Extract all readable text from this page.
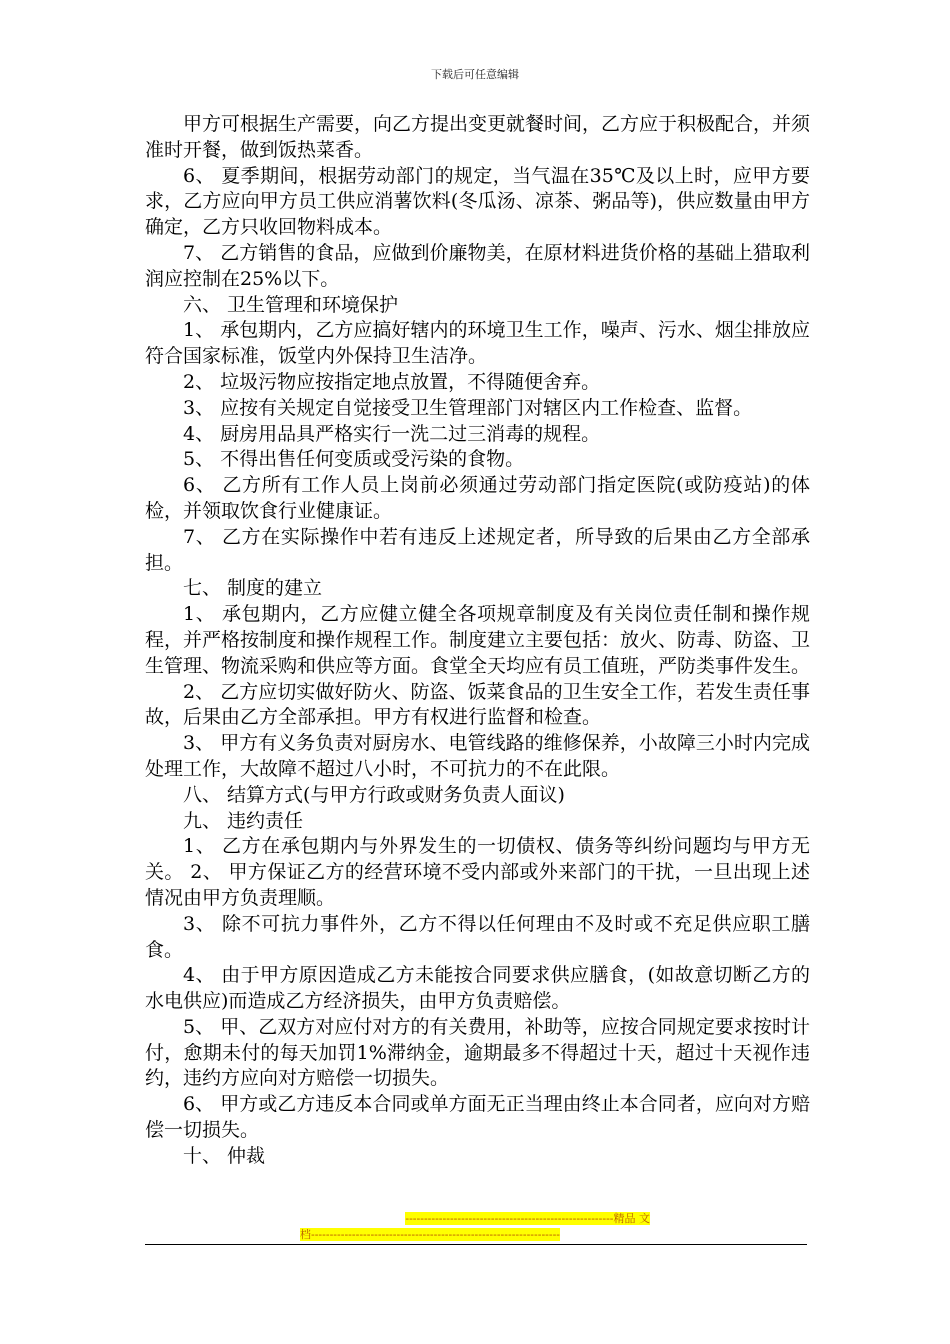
下载后可任意编辑

甲方可根据生产需要，向乙方提出变更就餐时间，乙方应于积极配合，并须准时开餐，做到饭热菜香。

6、 夏季期间，根据劳动部门的规定，当气温在35℃及以上时，应甲方要求，乙方应向甲方员工供应消薯饮料(冬瓜汤、凉茶、粥品等)，供应数量由甲方确定，乙方只收回物料成本。

7、 乙方销售的食品，应做到价廉物美，在原材料进货价格的基础上猎取利润应控制在25%以下。

六、 卫生管理和环境保护

1、 承包期内，乙方应搞好辖内的环境卫生工作，噪声、污水、烟尘排放应符合国家标准，饭堂内外保持卫生洁净。

2、 垃圾污物应按指定地点放置，不得随便舍弃。

3、 应按有关规定自觉接受卫生管理部门对辖区内工作检查、监督。

4、 厨房用品具严格实行一洗二过三消毒的规程。

5、 不得出售任何变质或受污染的食物。

6、 乙方所有工作人员上岗前必须通过劳动部门指定医院(或防疫站)的体检，并领取饮食行业健康证。

7、 乙方在实际操作中若有违反上述规定者，所导致的后果由乙方全部承担。

七、 制度的建立

1、 承包期内，乙方应健立健全各项规章制度及有关岗位责任制和操作规程，并严格按制度和操作规程工作。制度建立主要包括：放火、防毒、防盗、卫生管理、物流采购和供应等方面。食堂全天均应有员工值班，严防类事件发生。

2、 乙方应切实做好防火、防盗、饭菜食品的卫生安全工作，若发生责任事故，后果由乙方全部承担。甲方有权进行监督和检查。

3、 甲方有义务负责对厨房水、电管线路的维修保养，小故障三小时内完成处理工作，大故障不超过八小时，不可抗力的不在此限。

八、 结算方式(与甲方行政或财务负责人面议)

九、 违约责任

1、 乙方在承包期内与外界发生的一切债权、债务等纠纷问题均与甲方无关。 2、 甲方保证乙方的经营环境不受内部或外来部门的干扰，一旦出现上述情况由甲方负责理顺。

3、 除不可抗力事件外，乙方不得以任何理由不及时或不充足供应职工膳食。

4、 由于甲方原因造成乙方未能按合同要求供应膳食，(如故意切断乙方的水电供应)而造成乙方经济损失，由甲方负责赔偿。

5、 甲、乙双方对应付对方的有关费用，补助等，应按合同规定要求按时计付，愈期未付的每天加罚1%滞纳金，逾期最多不得超过十天，超过十天视作违约，违约方应向对方赔偿一切损失。

6、 甲方或乙方违反本合同或单方面无正当理由终止本合同者，应向对方赔偿一切损失。

十、 仲裁

--------------------------------------------------------精品 文
档-------------------------------------------------------------------
